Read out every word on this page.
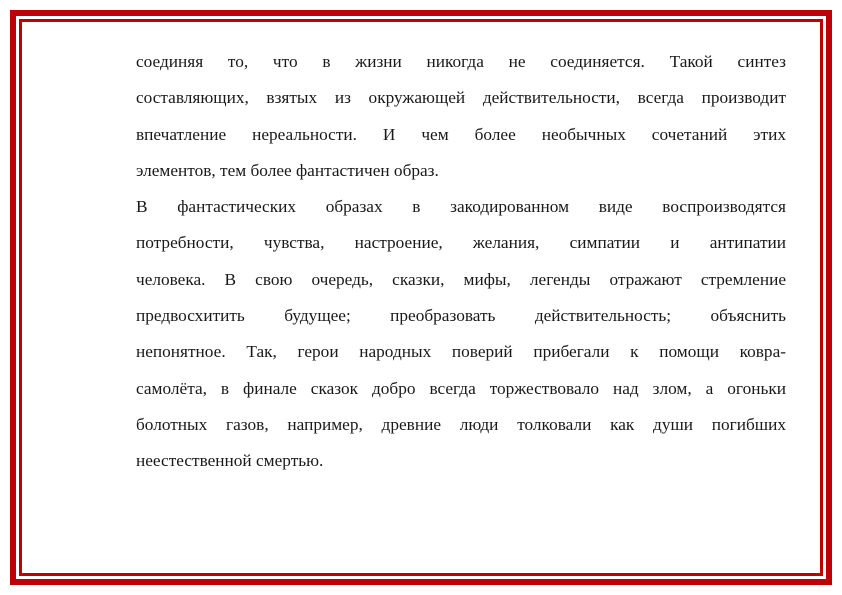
соединяя то, что в жизни никогда не соединяется. Такой синтез
составляющих, взятых из окружающей действительности, всегда производит
впечатление нереальности. И чем более необычных сочетаний этих
элементов, тем более фантастичен образ.

В фантастических образах в закодированном виде воспроизводятся
потребности, чувства, настроение, желания, симпатии и антипатии
человека. В свою очередь, сказки, мифы, легенды отражают стремление
предвосхитить будущее; преобразовать действительность; объяснить
непонятное. Так, герои народных поверий прибегали к помощи ковра-
самолёта, в финале сказок добро всегда торжествовало над злом, а огоньки
болотных газов, например, древние люди толковали как души погибших
неестественной смертью.
